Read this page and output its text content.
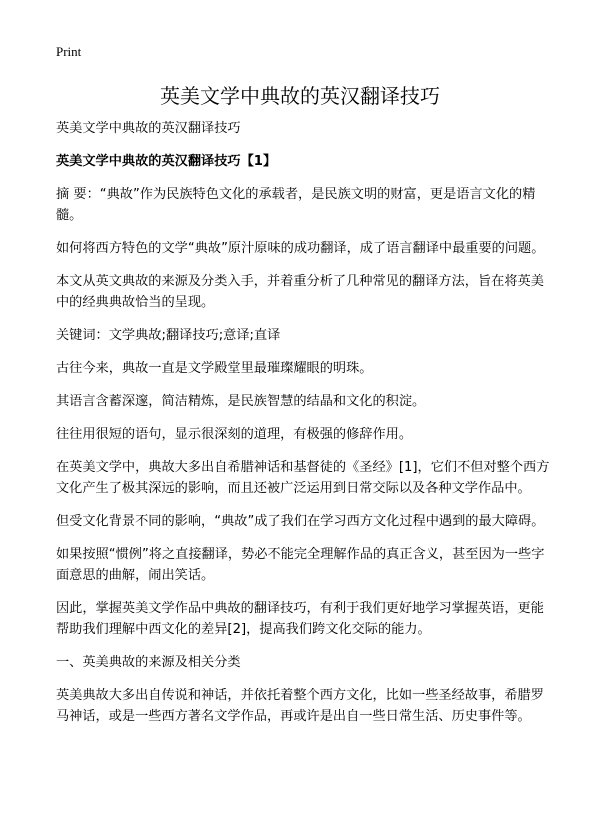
Print
英美文学中典故的英汉翻译技巧

英美文学中典故的英汉翻译技巧

英美文学中典故的英汉翻译技巧【1】

摘 要：“典故”作为民族特色文化的承载者，是民族文明的财富，更是语言文化的精髓。

如何将西方特色的文学“典故”原汁原味的成功翻译，成了语言翻译中最重要的问题。

本文从英文典故的来源及分类入手，并着重分析了几种常见的翻译方法，旨在将英美中的经典典故恰当的呈现。

关键词：文学典故;翻译技巧;意译;直译

古往今来，典故一直是文学殿堂里最璀璨耀眼的明珠。

其语言含蓄深邃，简洁精炼，是民族智慧的结晶和文化的积淀。

往往用很短的语句，显示很深刻的道理，有极强的修辞作用。

在英美文学中，典故大多出自希腊神话和基督徒的《圣经》[1]，它们不但对整个西方文化产生了极其深远的影响，而且还被广泛运用到日常交际以及各种文学作品中。

但受文化背景不同的影响，“典故”成了我们在学习西方文化过程中遇到的最大障碍。

如果按照“惯例”将之直接翻译，势必不能完全理解作品的真正含义，甚至因为一些字面意思的曲解，闹出笑话。

因此，掌握英美文学作品中典故的翻译技巧，有利于我们更好地学习掌握英语，更能帮助我们理解中西文化的差异[2]，提高我们跨文化交际的能力。

一、英美典故的来源及相关分类

英美典故大多出自传说和神话，并依托着整个西方文化，比如一些圣经故事，希腊罗马神话，或是一些西方著名文学作品，再或许是出自一些日常生活、历史事件等。
